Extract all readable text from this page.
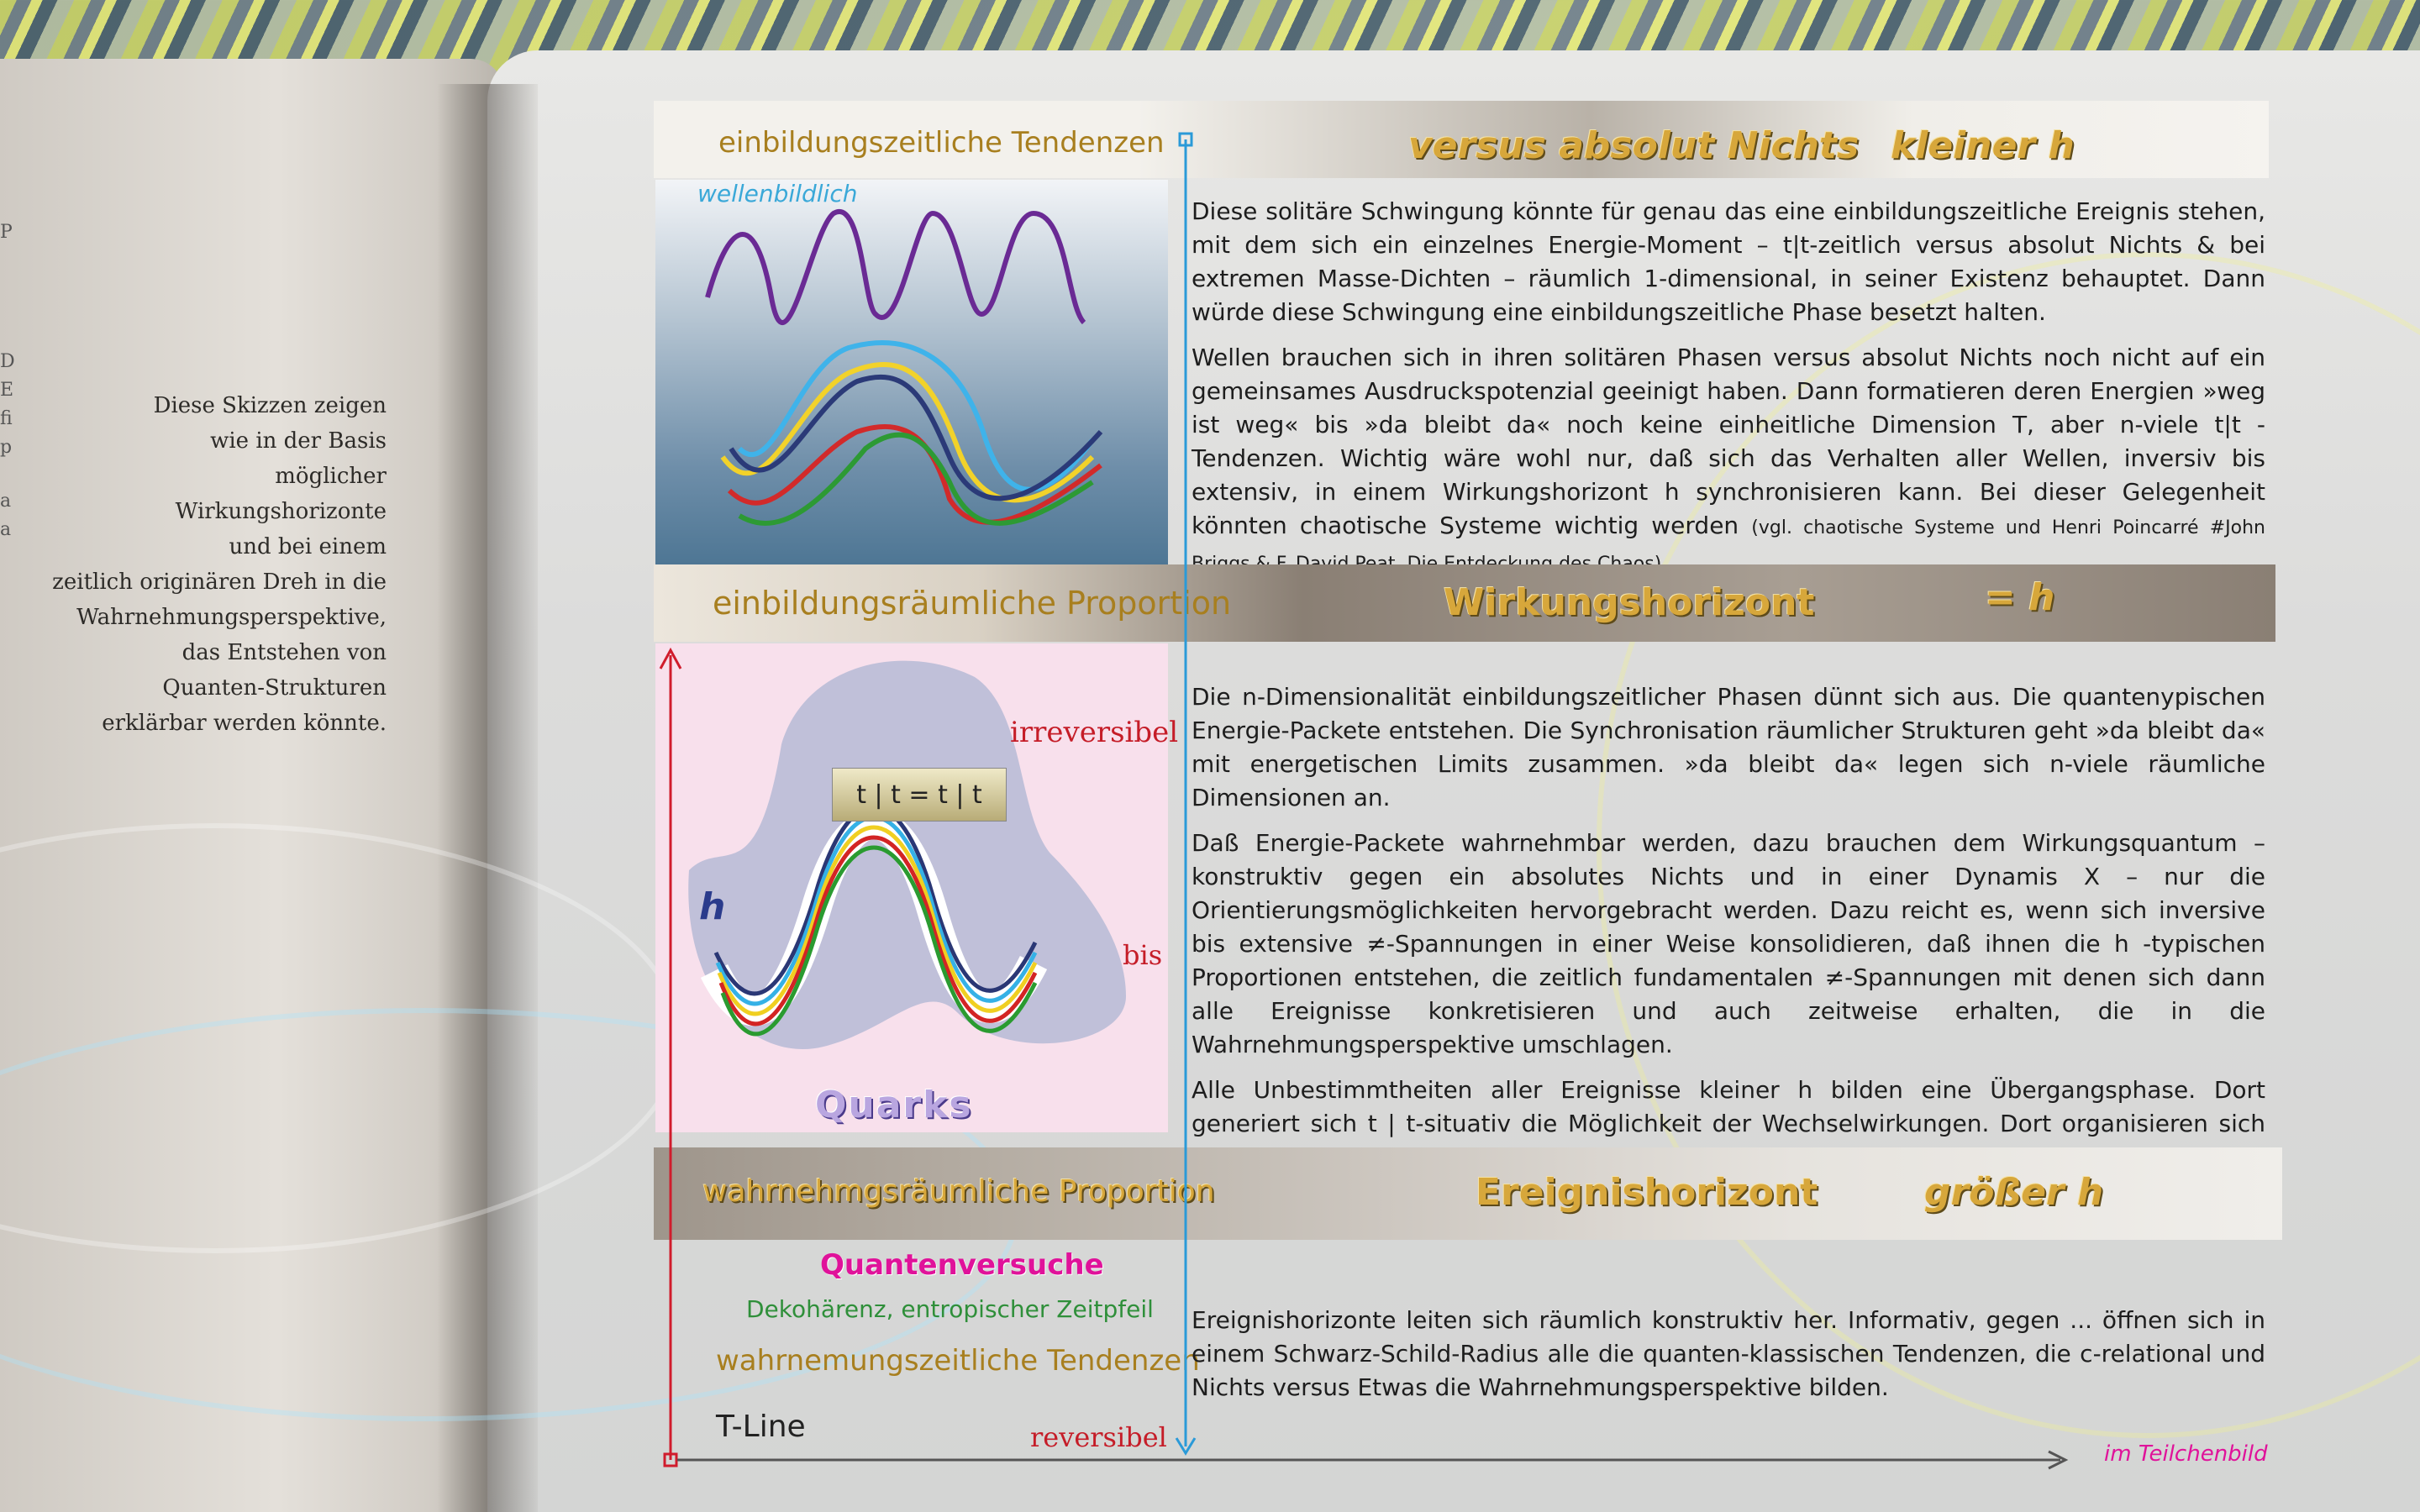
P
D
E
fi
p
a
a
Diese Skizzen zeigen
wie in der Basis
möglicher
Wirkungshorizonte
und bei einem
zeitlich originären Dreh in die
Wahrnehmungsperspektive,
das Entstehen von
Quanten-Strukturen
erklärbar werden könnte.
einbildungszeitliche Tendenzen	versus absolut Nichts kleiner h
wellenbildlich

Diese solitäre Schwingung könnte für genau das eine einbildungszeitliche Ereignis stehen, mit dem sich ein einzelnes Energie-Moment – t|t-zeitlich versus absolut Nichts & bei extremen Masse-Dichten – räumlich 1-dimensional, in seiner Existenz behauptet. Dann würde diese Schwingung eine einbildungszeitliche Phase besetzt halten.

Wellen brauchen sich in ihren solitären Phasen versus absolut Nichts noch nicht auf ein gemeinsames Ausdruckspotenzial geeinigt haben. Dann formatieren deren Energien »weg ist weg« bis »da bleibt da« noch keine einheitliche Dimension T, aber n-viele t|t -Tendenzen. Wichtig wäre wohl nur, daß sich das Verhalten aller Wellen, inversiv bis extensiv, in einem Wirkungshorizont h synchronisieren kann. Bei dieser Gelegenheit könnten chaotische Systeme wichtig werden (vgl. chaotische Systeme und Henri Poincarré #John

einbildungsräumliche Proportion	Wirkungshorizont	= h
t | t = t | t
irreversibel
h
bis
Quarks

Die n-Dimensionalität einbildungszeitlicher Phasen dünnt sich aus. Die quantenypischen Energie-Packete entstehen. Die Synchronisation räumlicher Strukturen geht »da bleibt da« mit energetischen Limits zusammen. »da bleibt da« legen sich n-viele räumliche Dimensionen an.

Daß Energie-Packete wahrnehmbar werden, dazu brauchen dem Wirkungsquantum – konstruktiv gegen ein absolutes Nichts und in einer Dynamis X – nur die Orientierungsmöglichkeiten hervorgebracht werden. Dazu reicht es, wenn sich inversive bis extensive ≠-Spannungen in einer Weise konsolidieren, daß ihnen die h -typischen Proportionen entstehen, die zeitlich fundamentalen ≠-Spannungen mit denen sich dann alle Ereignisse konkretisieren und auch zeitweise erhalten, die in die Wahrnehmungsperspektive umschlagen.

Alle Unbestimmtheiten aller Ereignisse kleiner h bilden eine Übergangsphase. Dort generiert sich t | t-situativ die Möglichkeit der Wechselwirkungen. Dort organisieren sich

wahrnehmgsräumliche Proportion	Ereignishorizont	größer h
Quantenversuche
Dekohärenz, entropischer Zeitpfeil
wahrnemungszeitliche Tendenzen
T-Line	reversibel

Ereignishorizonte leiten sich räumlich konstruktiv her. Informativ, gegen ... öffnen sich in einem Schwarz-Schild-Radius alle die quanten-klassischen Tendenzen, die c-relational und Nichts versus Etwas die Wahrnehmungsperspektive bilden.

im Teilchenbild
